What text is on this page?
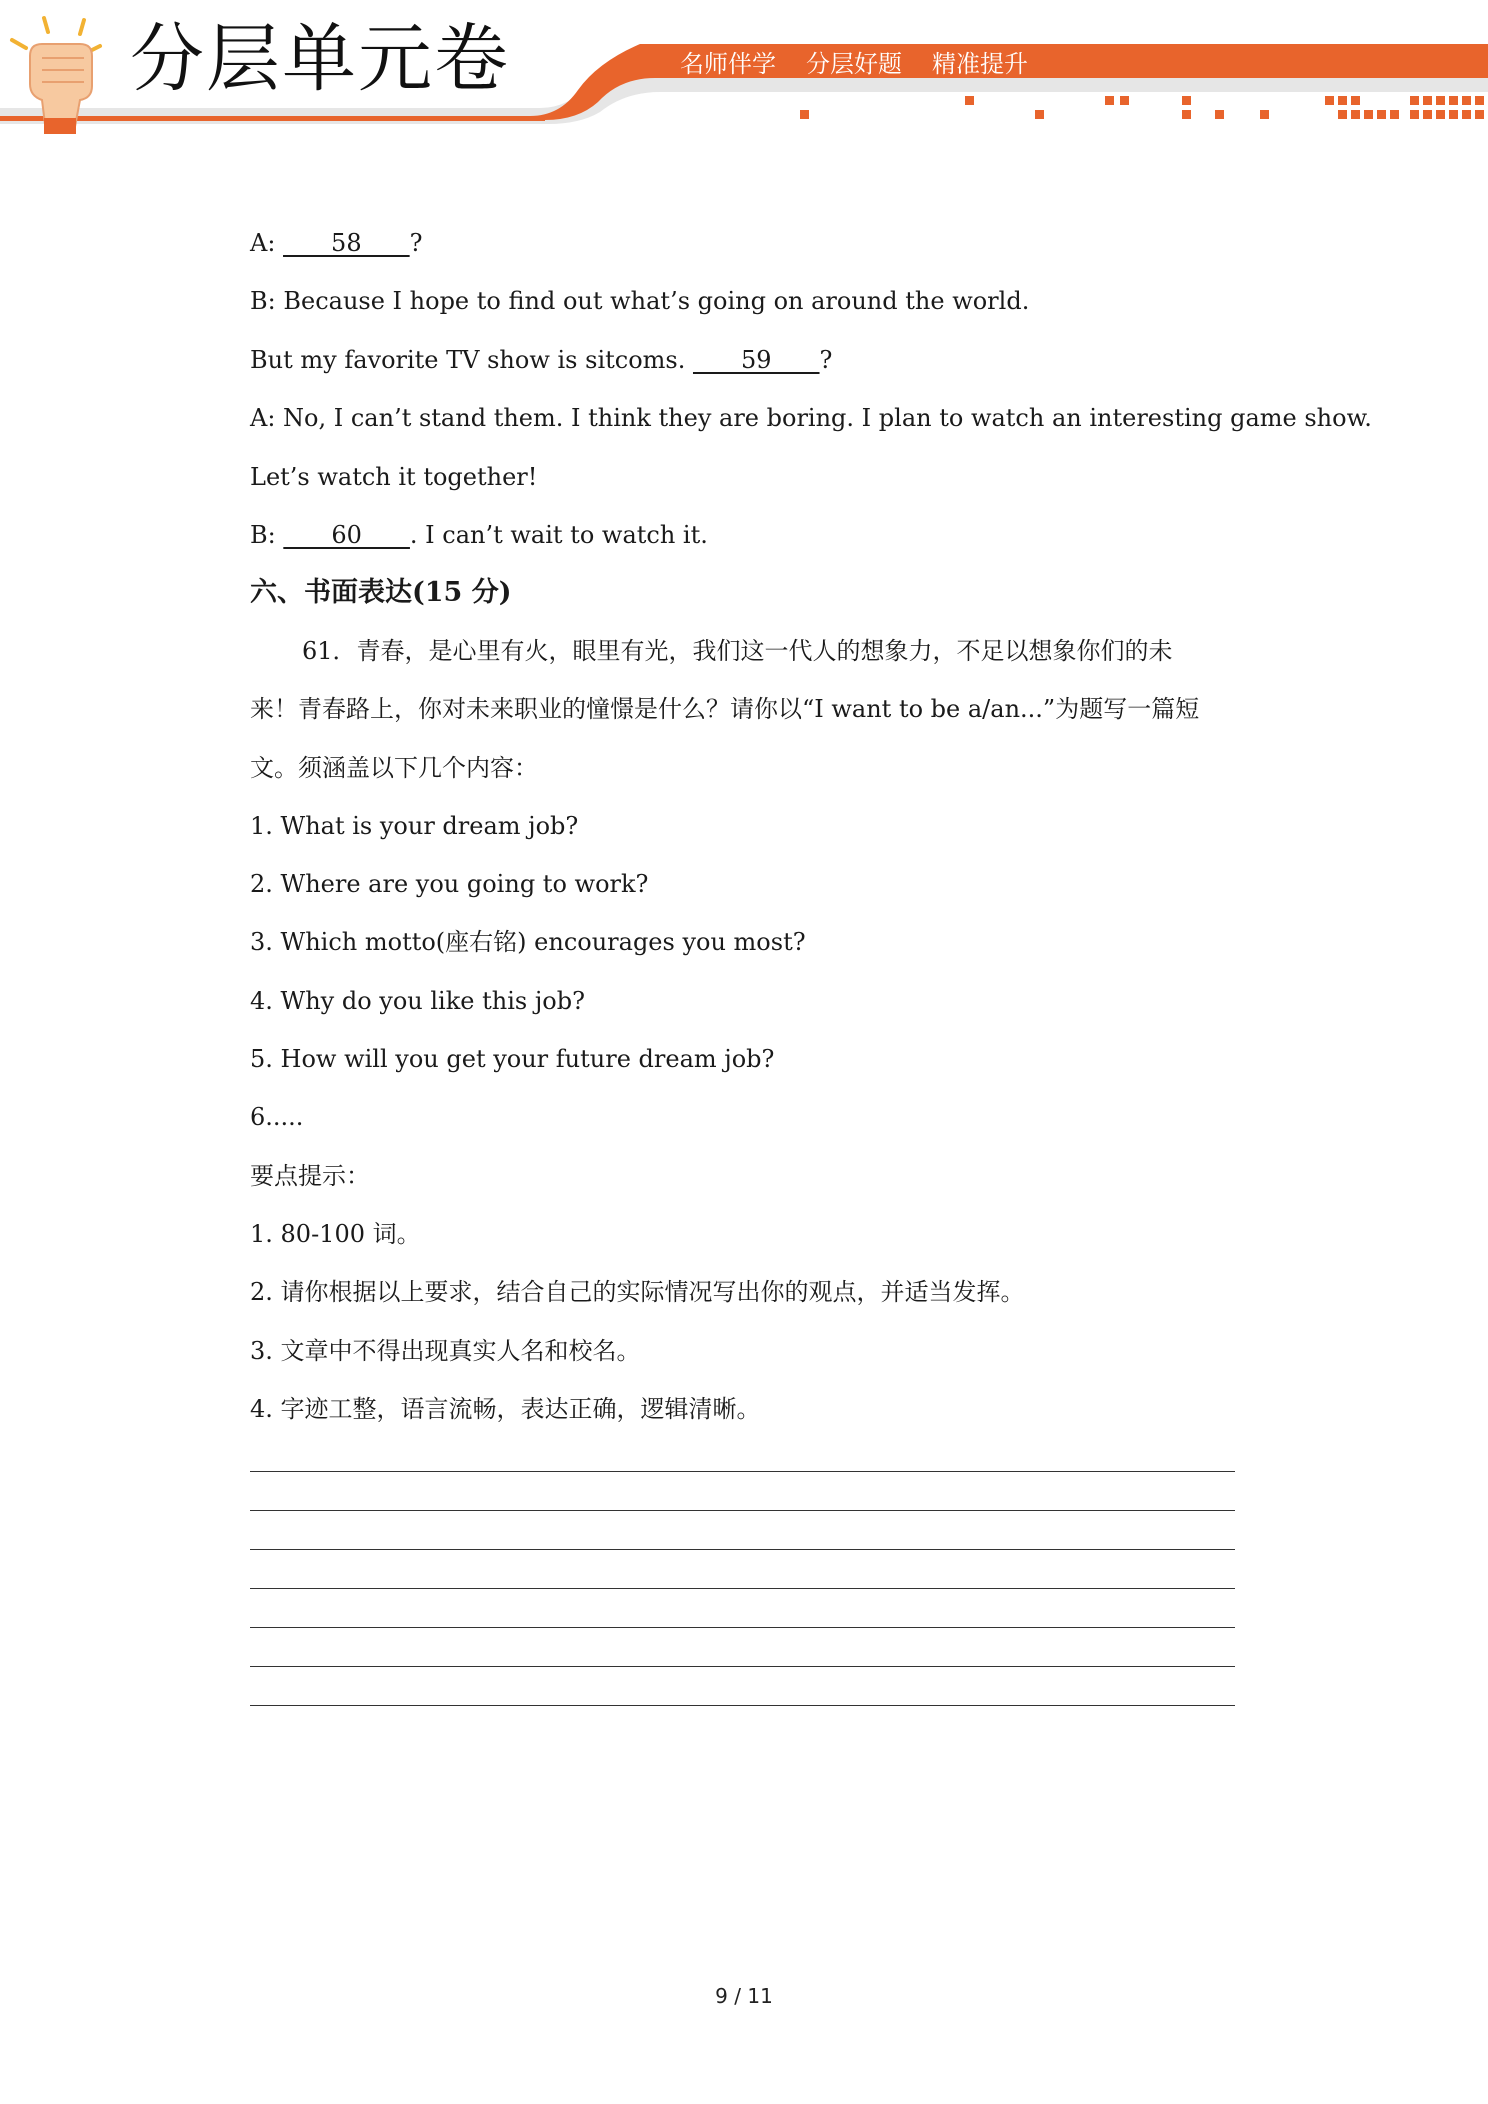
分层单元卷	名师伴学 分层好题 精准提升
A: ____58____?
B: Because I hope to find out what’s going on around the world.
But my favorite TV show is sitcoms. ____59____?
A: No, I can’t stand them. I think they are boring. I plan to watch an interesting game show.
Let’s watch it together!
B: ____60____. I can’t wait to watch it.
六、书面表达(15 分)
61．青春，是心里有火，眼里有光，我们这一代人的想象力，不足以想象你们的未
来！青春路上，你对未来职业的憧憬是什么？请你以“I want to be a/an...”为题写一篇短
文。须涵盖以下几个内容：
1. What is your dream job?
2. Where are you going to work?
3. Which motto(座右铭) encourages you most?
4. Why do you like this job?
5. How will you get your future dream job?
6.....
要点提示：
1. 80-100 词。
2. 请你根据以上要求，结合自己的实际情况写出你的观点，并适当发挥。
3. 文章中不得出现真实人名和校名。
4. 字迹工整，语言流畅，表达正确，逻辑清晰。
9 / 11
